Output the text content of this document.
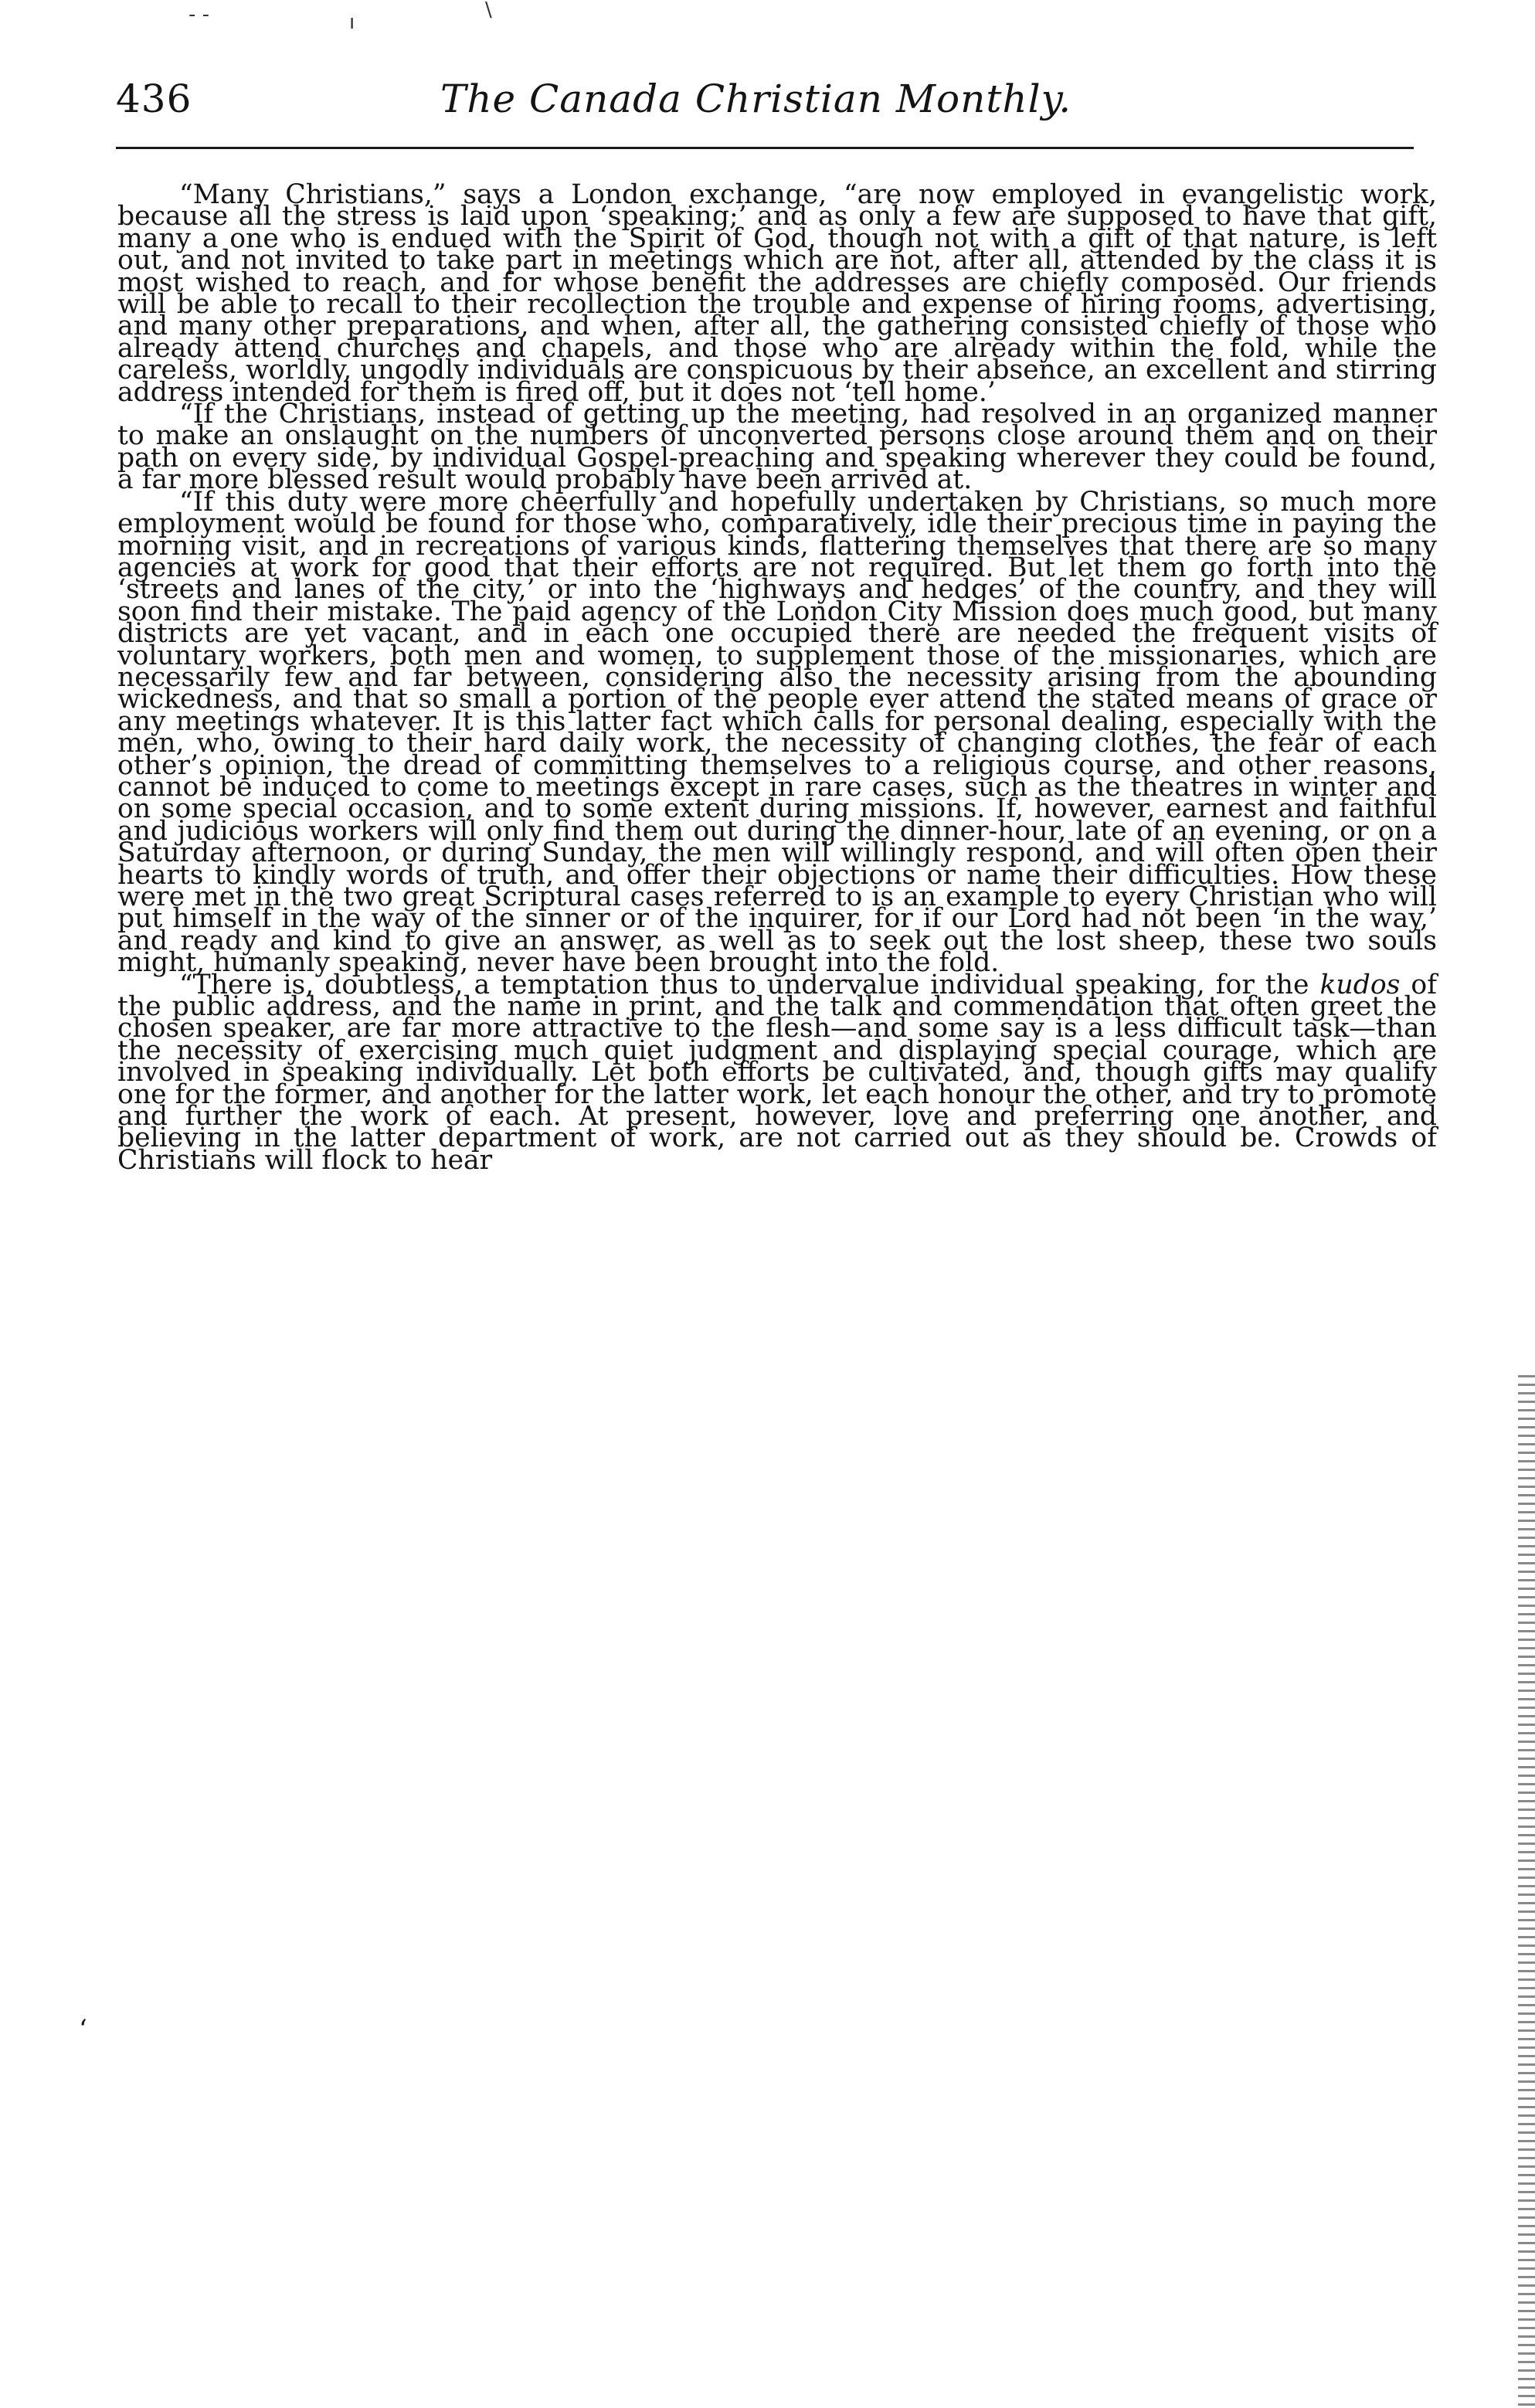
- -	ı
\
436	The Canada Christian Monthly.

“Many Christians,” says a London exchange, “are now employed in evangelistic work, because all the stress is laid upon ‘speaking;’ and as only a few are supposed to have that gift, many a one who is endued with the Spirit of God, though not with a gift of that nature, is left out, and not invited to take part in meetings which are not, after all, attended by the class it is most wished to reach, and for whose benefit the addresses are chiefly composed. Our friends will be able to recall to their recollection the trouble and expense of hiring rooms, advertising, and many other preparations, and when, after all, the gathering consisted chiefly of those who already attend churches and chapels, and those who are already within the fold, while the careless, worldly, ungodly individuals are conspicuous by their absence, an excellent and stirring address intended for them is fired off, but it does not ‘tell home.’

“If the Christians, instead of getting up the meeting, had resolved in an organized manner to make an onslaught on the numbers of unconverted persons close around them and on their path on every side, by individual Gospel-preaching and speaking wherever they could be found, a far more blessed result would probably have been arrived at.

“If this duty were more cheerfully and hopefully undertaken by Christians, so much more employment would be found for those who, comparatively, idle their precious time in paying the morning visit, and in recreations of various kinds, flattering themselves that there are so many agencies at work for good that their efforts are not required. But let them go forth into the ‘streets and lanes of the city,’ or into the ‘highways and hedges’ of the country, and they will soon find their mistake. The paid agency of the London City Mission does much good, but many districts are yet vacant, and in each one occupied there are needed the frequent visits of voluntary workers, both men and women, to supplement those of the missionaries, which are necessarily few and far between, considering also the necessity arising from the abounding wickedness, and that so small a portion of the people ever attend the stated means of grace or any meetings whatever. It is this latter fact which calls for personal dealing, especially with the men, who, owing to their hard daily work, the necessity of changing clothes, the fear of each other’s opinion, the dread of committing themselves to a religious course, and other reasons, cannot be induced to come to meetings except in rare cases, such as the theatres in winter and on some special occasion, and to some extent during missions. If, however, earnest and faithful and judicious workers will only find them out during the dinner-hour, late of an evening, or on a Saturday afternoon, or during Sunday, the men will willingly respond, and will often open their hearts to kindly words of truth, and offer their objections or name their difficulties. How these were met in the two great Scriptural cases referred to is an example to every Christian who will put himself in the way of the sinner or of the inquirer, for if our Lord had not been ‘in the way,’ and ready and kind to give an answer, as well as to seek out the lost sheep, these two souls might, humanly speaking, never have been brought into the fold.

“There is, doubtless, a temptation thus to undervalue individual speaking, for the kudos of the public address, and the name in print, and the talk and commendation that often greet the chosen speaker, are far more attractive to the flesh—and some say is a less difficult task—than the necessity of exercising much quiet judgment and displaying special courage, which are involved in speaking individually. Let both efforts be cultivated, and, though gifts may qualify one for the former, and another for the latter work, let each honour the other, and try to promote and further the work of each. At present, however, love and preferring one another, and believing in the latter department of work, are not carried out as they should be. Crowds of Christians will flock to hear

‘
